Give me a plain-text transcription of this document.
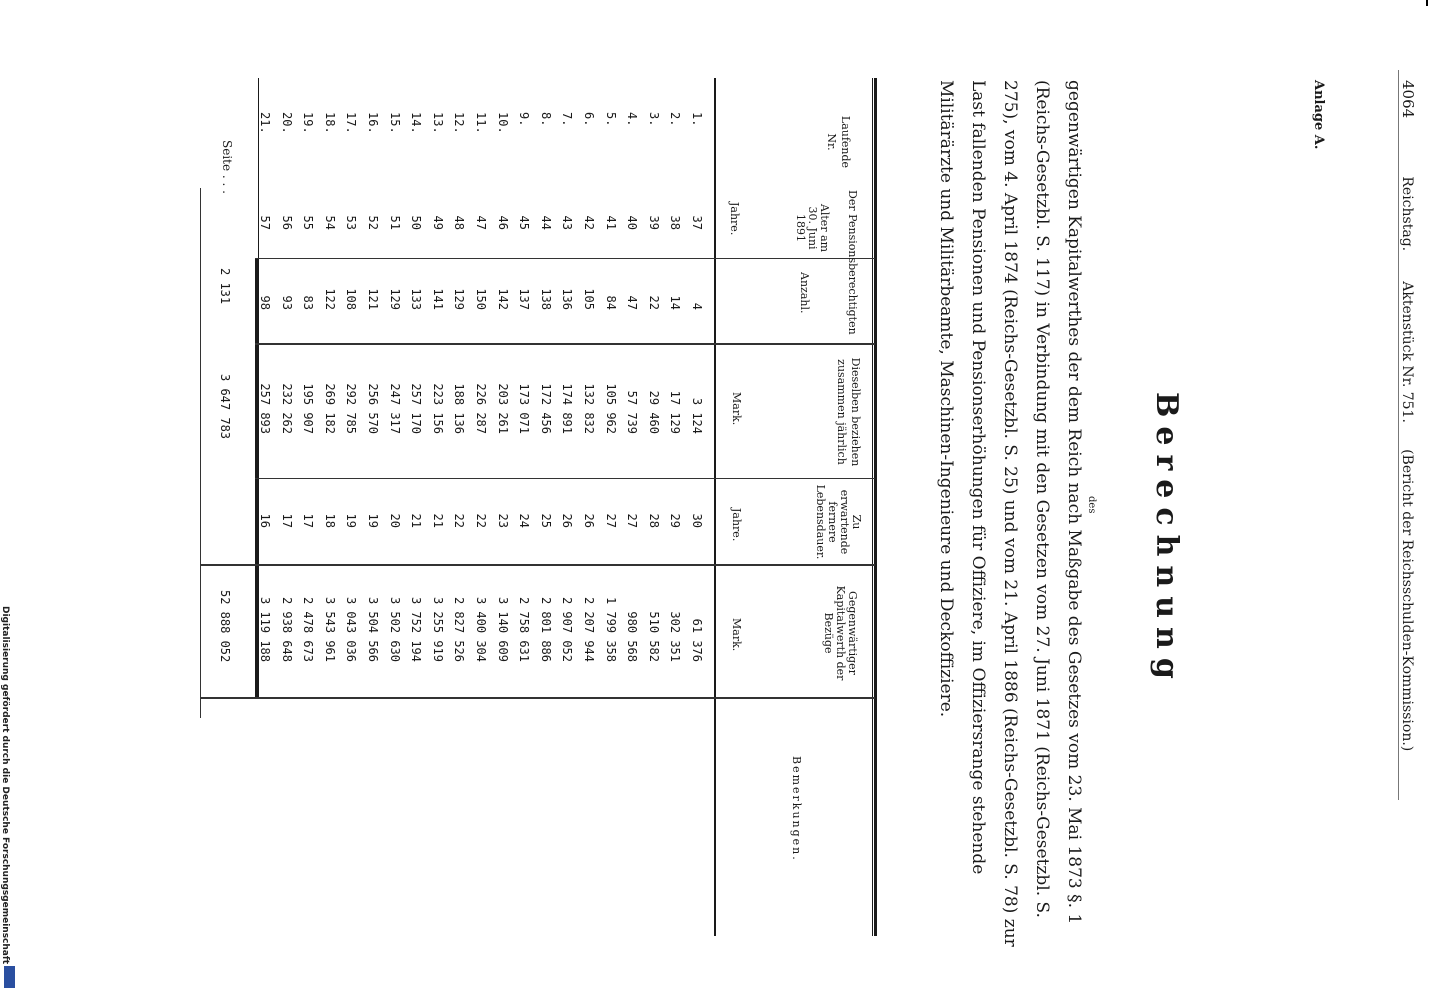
4064  Reichstag.  Aktenstück Nr. 751.  (Bericht der Reichsschulden-Kommission.)
Anlage A.
Berechnung
des
gegenwärtigen Kapitalwerthes der dem Reich nach Maßgabe des Gesetzes vom 23. Mai 1873 §. 1 (Reichs-Gesetzbl. S. 117) in Verbindung mit den Gesetzen vom 27. Juni 1871 (Reichs-Gesetzbl. S. 275), vom 4. April 1874 (Reichs-Gesetzbl. S. 25) und vom 21. April 1886 (Reichs-Gesetzbl. S. 78) zur Last fallenden Pensionen und Pensionserhöhungen für Offiziere, im Offiziersrange stehende Militärärzte und Militärbeamte, Maschinen-Ingenieure und Deckoffiziere.
Laufende Nr.
Der Pensionsberechtigten
Alter am 30. Juni 1891
Jahre.
Anzahl.
Dieselben beziehen zusammen jährlich
Mark.
Zu erwartende fernere Lebensdauer.
Jahre.
Gegenwärtiger Kapitalwerth der Bezüge
Mark.
Bemerkungen.
1.
37
4
3 124
30
61 376
2.
38
14
17 129
29
302 351
3.
39
22
29 460
28
510 582
4.
40
47
57 739
27
980 568
5.
41
84
105 962
27
1 799 358
6.
42
105
132 832
26
2 207 944
7.
43
136
174 891
26
2 907 052
8.
44
138
172 456
25
2 801 886
9.
45
137
173 071
24
2 758 631
10.
46
142
203 261
23
3 140 609
11.
47
150
226 287
22
3 400 304
12.
48
129
188 136
22
2 827 526
13.
49
141
223 156
21
3 255 919
14.
50
133
257 170
21
3 752 194
15.
51
129
247 317
20
3 502 630
16.
52
121
256 570
19
3 504 566
17.
53
108
292 785
19
3 043 036
18.
54
122
269 182
18
3 543 961
19.
55
83
195 907
17
2 478 673
20.
56
93
232 262
17
2 938 648
21.
57
98
257 893
16
3 119 188
Seite . . .
2 131
3 647 783
52 888 052
Digitalisierung gefördert durch die Deutsche Forschungsgemeinschaft
